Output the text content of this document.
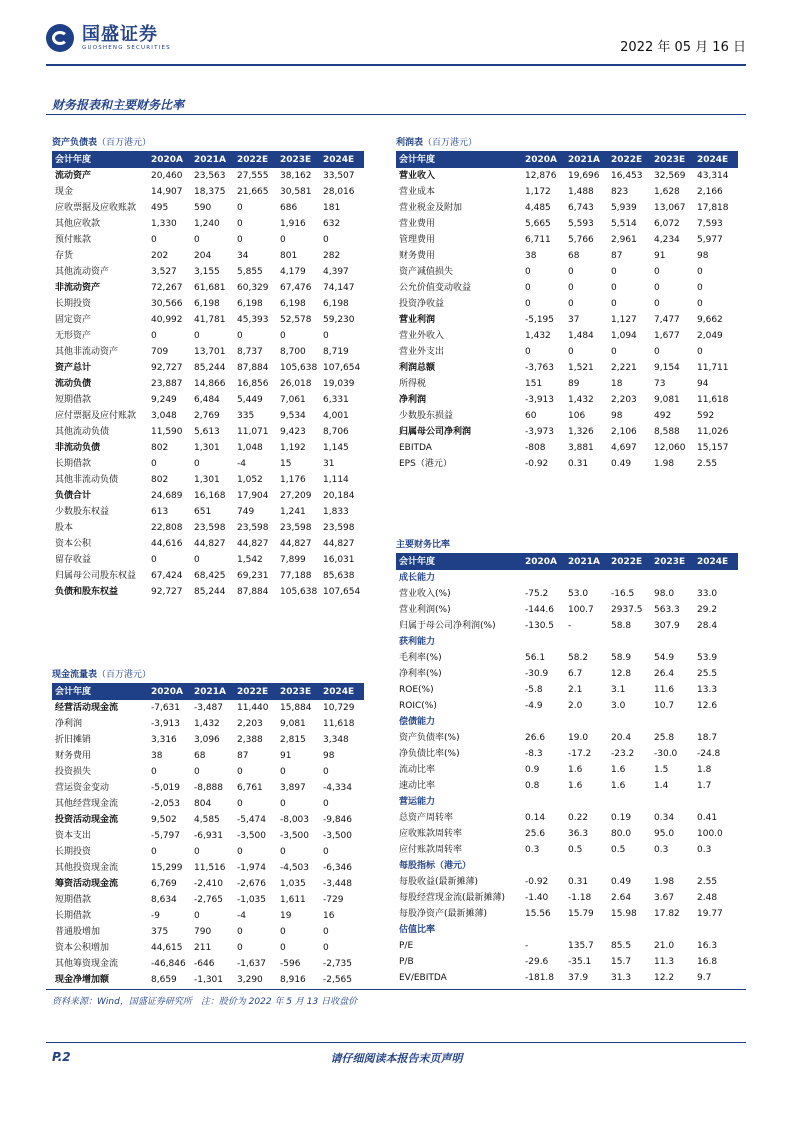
国盛证券
GUOSHENG SECURITIES	2022 年 05 月 16 日
财务报表和主要财务比率
资产负债表（百万港元）
会计年度	2020A	2021A	2022E	2023E	2024E
流动资产	20,460	23,563	27,555	38,162	33,507
现金	14,907	18,375	21,665	30,581	28,016
应收票据及应收账款	495	590	0	686	181
其他应收款	1,330	1,240	0	1,916	632
预付账款	0	0	0	0	0
存货	202	204	34	801	282
其他流动资产	3,527	3,155	5,855	4,179	4,397
非流动资产	72,267	61,681	60,329	67,476	74,147
长期投资	30,566	6,198	6,198	6,198	6,198
固定资产	40,992	41,781	45,393	52,578	59,230
无形资产	0	0	0	0	0
其他非流动资产	709	13,701	8,737	8,700	8,719
资产总计	92,727	85,244	87,884	105,638	107,654
流动负债	23,887	14,866	16,856	26,018	19,039
短期借款	9,249	6,484	5,449	7,061	6,331
应付票据及应付账款	3,048	2,769	335	9,534	4,001
其他流动负债	11,590	5,613	11,071	9,423	8,706
非流动负债	802	1,301	1,048	1,192	1,145
长期借款	0	0	-4	15	31
其他非流动负债	802	1,301	1,052	1,176	1,114
负债合计	24,689	16,168	17,904	27,209	20,184
少数股东权益	613	651	749	1,241	1,833
股本	22,808	23,598	23,598	23,598	23,598
资本公积	44,616	44,827	44,827	44,827	44,827
留存收益	0	0	1,542	7,899	16,031
归属母公司股东权益	67,424	68,425	69,231	77,188	85,638
负债和股东权益	92,727	85,244	87,884	105,638	107,654
利润表（百万港元）
会计年度	2020A	2021A	2022E	2023E	2024E
营业收入	12,876	19,696	16,453	32,569	43,314
营业成本	1,172	1,488	823	1,628	2,166
营业税金及附加	4,485	6,743	5,939	13,067	17,818
营业费用	5,665	5,593	5,514	6,072	7,593
管理费用	6,711	5,766	2,961	4,234	5,977
财务费用	38	68	87	91	98
资产减值损失	0	0	0	0	0
公允价值变动收益	0	0	0	0	0
投资净收益	0	0	0	0	0
营业利润	-5,195	37	1,127	7,477	9,662
营业外收入	1,432	1,484	1,094	1,677	2,049
营业外支出	0	0	0	0	0
利润总额	-3,763	1,521	2,221	9,154	11,711
所得税	151	89	18	73	94
净利润	-3,913	1,432	2,203	9,081	11,618
少数股东损益	60	106	98	492	592
归属母公司净利润	-3,973	1,326	2,106	8,588	11,026
EBITDA	-808	3,881	4,697	12,060	15,157
EPS（港元）	-0.92	0.31	0.49	1.98	2.55
主要财务比率
会计年度	2020A	2021A	2022E	2023E	2024E
成长能力					
营业收入(%)	-75.2	53.0	-16.5	98.0	33.0
营业利润(%)	-144.6	100.7	2937.5	563.3	29.2
归属于母公司净利润(%)	-130.5	-	58.8	307.9	28.4
获利能力					
毛利率(%)	56.1	58.2	58.9	54.9	53.9
净利率(%)	-30.9	6.7	12.8	26.4	25.5
ROE(%)	-5.8	2.1	3.1	11.6	13.3
ROIC(%)	-4.9	2.0	3.0	10.7	12.6
偿债能力					
资产负债率(%)	26.6	19.0	20.4	25.8	18.7
净负债比率(%)	-8.3	-17.2	-23.2	-30.0	-24.8
流动比率	0.9	1.6	1.6	1.5	1.8
速动比率	0.8	1.6	1.6	1.4	1.7
营运能力					
总资产周转率	0.14	0.22	0.19	0.34	0.41
应收账款周转率	25.6	36.3	80.0	95.0	100.0
应付账款周转率	0.3	0.5	0.5	0.3	0.3
每股指标（港元）					
每股收益(最新摊薄)	-0.92	0.31	0.49	1.98	2.55
每股经营现金流(最新摊薄)	-1.40	-1.18	2.64	3.67	2.48
每股净资产(最新摊薄)	15.56	15.79	15.98	17.82	19.77
估值比率					
P/E	-	135.7	85.5	21.0	16.3
P/B	-29.6	-35.1	15.7	11.3	16.8
EV/EBITDA	-181.8	37.9	31.3	12.2	9.7
现金流量表（百万港元）
会计年度	2020A	2021A	2022E	2023E	2024E
经营活动现金流	-7,631	-3,487	11,440	15,884	10,729
净利润	-3,913	1,432	2,203	9,081	11,618
折旧摊销	3,316	3,096	2,388	2,815	3,348
财务费用	38	68	87	91	98
投资损失	0	0	0	0	0
营运资金变动	-5,019	-8,888	6,761	3,897	-4,334
其他经营现金流	-2,053	804	0	0	0
投资活动现金流	9,502	4,585	-5,474	-8,003	-9,846
资本支出	-5,797	-6,931	-3,500	-3,500	-3,500
长期投资	0	0	0	0	0
其他投资现金流	15,299	11,516	-1,974	-4,503	-6,346
筹资活动现金流	6,769	-2,410	-2,676	1,035	-3,448
短期借款	8,634	-2,765	-1,035	1,611	-729
长期借款	-9	0	-4	19	16
普通股增加	375	790	0	0	0
资本公积增加	44,615	211	0	0	0
其他筹资现金流	-46,846	-646	-1,637	-596	-2,735
现金净增加额	8,659	-1,301	3,290	8,916	-2,565
资料来源：Wind，国盛证券研究所　注：股价为 2022 年 5 月 13 日收盘价
请仔细阅读本报告末页声明
P.2
